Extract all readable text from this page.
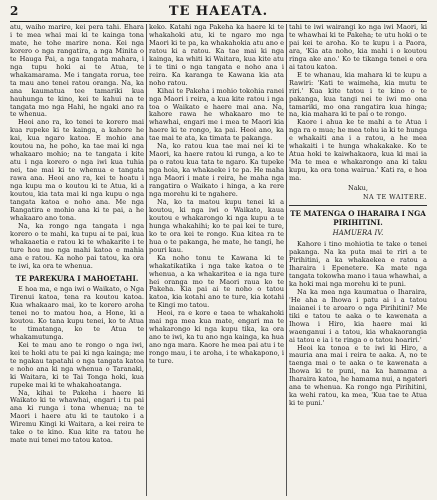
2	TE HAEATA.

atu, waiho marire, kei pera tahi. Ehara i te mea whai mai ki te kainga tona mate, he tohe marire nona. Kei nga korero o nga rangatira, a nga Minita o te Hauga Pai, a nga tangata mahara, i nga tupu hoki ai te Atua, te whakamarama. Me i tangata rorua, tee ta mau ano tenei ratou oranga. Na, ka ana kaumatua tee tamariki kua hauhunga te kino, kei te kahui na te tangata mo nga Hahi, he ngaki ano ra te whenua.

Heoi ano ra, ko tenei te korero mai kua rupeke ki te kainga, a kahore he kai, kua ngaro katoa. E mohio ana koutou na, he poho, ka tae mai ki nga whakaaro mohio; na te tangata i kite atu i nga korero o nga iwi kua tuhia nei, tae mai ki te whenua e tangata rawa ana. Heoi ano ra, kei te hoatu i nga kupu ma o koutou ki te Atua, ki a koutou, kia tata mai ki nga kupu o nga tangata katoa e noho ana. Me nga Rangatira e mohio ana ki te pai, a he whakaaro ano tona.

Na, ka rongo nga tangata i nga korero o te mahi, ka tupu ai te pai, kua whakaaetia e ratou ki te whakarite i te ture hou mo nga mahi katoa e mahia ana e ratou. Ka noho pai tatou, ka ora te iwi, ka ora te whenua.

TE PAREKURA I MAHOETAHI.

E hoa ma, e nga iwi o Waikato, o Nga Tirenui katoa, tena ra koutou katoa. Kua whakaaro mai, ko te korero aroha tenei no to matou hoa, a Hone, ki a koutou. Ko tana kupu tenei, ko te Atua te timatanga, ko te Atua te whakamutunga.

Kei te mau ano te rongo o nga iwi, kei te hoki atu te pai ki nga kainga; me te ngakau tapatahi o nga tangata katoa e noho ana ki nga whenua o Taranaki, ki Waitara, ki te Tai Tonga hoki, kua rupeke mai ki te whakahoatanga.

Na, kihai te Pakeha i haere ki Waikato ki te whawhai, engari i tu pai ana ki runga i tona whenua; na te Maori i haere atu ki te tautoko i a Wiremu Kingi ki Waitara, a kei reira te take o te kino. Kua kite ra tatou he mate nui tenei mo tatou katoa.

keko. Katahi nga Pakeha ka haere ki te whakahoki atu, ki te ngaro mo nga Maori ki te pa, ka whakahokia atu ano e ratou ki a ratou. Ka tae mai ki nga kainga, ka whiti ki Waitara, kua kite atu i te tini o nga tangata e noho ana i reira. Ka karanga te Kawana kia ata noho ratou.

Kihai te Pakeha i mohio tokohia ranei nga Maori i reira, a kua kite ratou i nga toa o Waikato e haere mai ana. Na, kahore rawa he whakaaro mo te whawhai, engari me i mea te Maori kia haere ki te rongo, ka pai. Heoi ano, ka tae mai te ata, ka timata te pakanga.

Na, ko ratou kua tae mai nei ki te Maori, ka haere ratou ki runga, a ko te pa o ratou kua tata te ngaro. Ka tupeke nga hoia, ka whakaeke i te pa. He maha nga Maori i mate i reira, he maha nga rangatira o Waikato i hinga, a ka rere nga morehu ki te ngahere.

Na, ko ta matou kupu tenei ki a koutou, ki nga iwi o Waikato, kaua koutou e whakarongo ki nga kupu a te hunga whakahihi; ko te pai kei te ture, ko te ora kei te rongo. Kua kitea ra te hua o te pakanga, he mate, he tangi, he pouri kau.

Ka noho tonu te Kawana ki te whakatikatika i nga take katoa o te whenua, a ka whakaritea e ia nga ture hei oranga mo te Maori raua ko te Pakeha. Kia pai ai te noho o tatou katoa, kia kotahi ano te ture, kia kotahi te Kingi mo tatou.

Heoi, ra e kore e taea te whakahoki mai nga mea kua mate, engari ma te whakarongo ki nga kupu tika, ka ora ano te iwi, ka tu ano nga kainga, ka hua ano nga mara. Kaore he mea pai atu i te rongo mau, i te aroha, i te whakapono, i te ture.

tahi te iwi wairangi ko nga iwi Maori, ki te whawhai ki te Pakeha; te utu hoki o te pai kei te aroha. Ko te kupu i a Paora, ara, 'Kia ata noho, kia mahi i o koutou ringa ake ano.' Ko te tikanga tenei e ora ai tatou katoa.

E te whanau, kia mahara ki te kupu a Rawiri: 'Kati te waimeha, kia mutu te riri.' Kua kite tatou i te kino o te pakanga, kua tangi nei te iwi mo ona tamariki, mo ona rangatira kua hinga; na, kia mahara ki te pai o te rongo.

Kaore i ahua ke te mahi a te Atua i nga ra o mua; he mea tohu ia ki te hunga e whakaiti ana i a ratou, a he mea whakaiti i te hunga whakakake. Ko te Atua hoki te kaiwhakaora, kua ki mai ia 'Ma te mea e whakarongo ana ki taku kupu, ka ora tona wairua.' Kati ra, e hoa ma.

Naku,
NA TE WAITERE.
TE MATENGA O IHARAIRA I NGA PIRIHITINI.
HAMUERA IV.

Kahore i tino mohiotia te take o tenei pakanga. Na ka puta mai te riri a te Pirihitini, a ka whakaekea e ratou a Iharaira i Epenetere. Ka mate nga tangata tokowha mano i taua whawhai, a ka hoki mai nga morehu ki te puni.

Na ka mea nga kaumatua o Iharaira, 'He aha a Ihowa i patu ai i a tatou inaianei i te aroaro o nga Pirihitini? Me tiki e tatou te aaka o te kawenata a Ihowa i Hiro, kia haere mai ki waenganui i a tatou, kia whakaorangia ai tatou e ia i te ringa o o tatou hoariri.'

Heoi ka tonoa e te iwi ki Hiro, a mauria ana mai i reira te aaka. A, no te taenga mai o te aaka o te kawenata a Ihowa ki te puni, na ka hamama a Iharaira katoa, he hamama nui, a ngateri ana te whenua. Ka rongo nga Pirihitini, ka wehi ratou, ka mea, 'Kua tae te Atua ki te puni.'
